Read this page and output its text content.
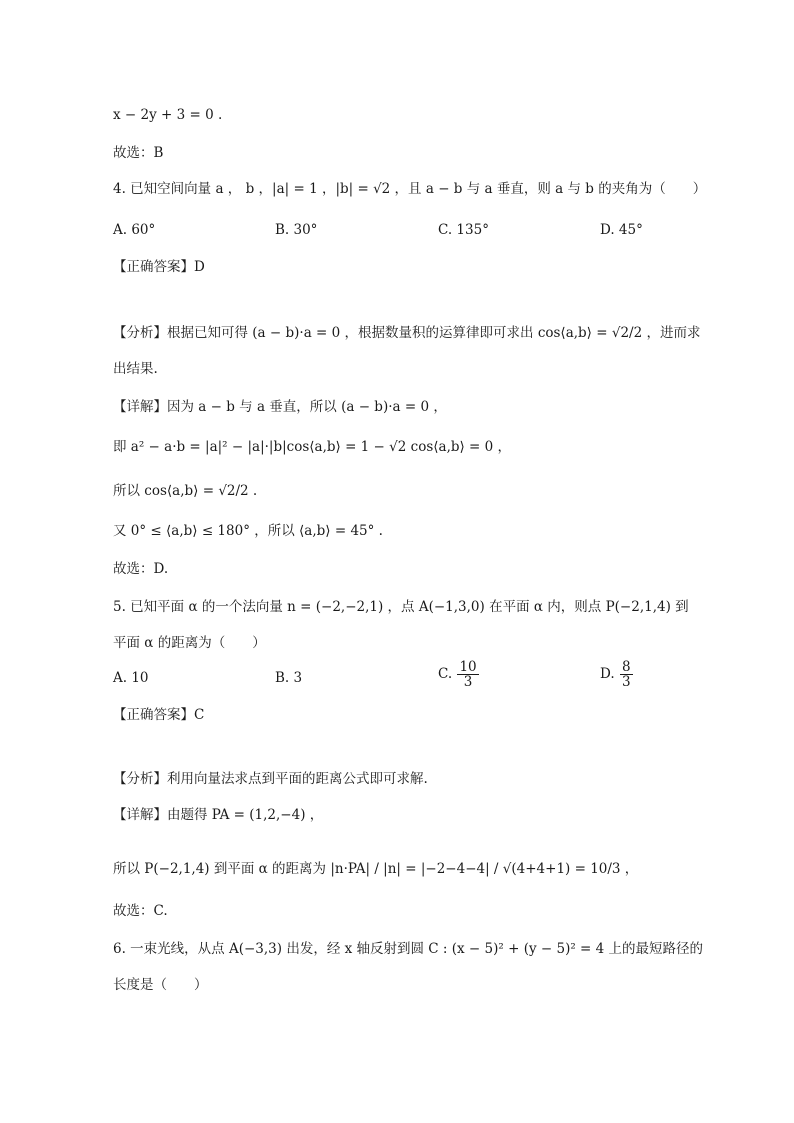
x − 2y + 3 = 0 .
故选：B
4. 已知空间向量 a ， b ，|a| = 1 ，|b| = √2 ，且 a − b 与 a 垂直，则 a 与 b 的夹角为（　　）
A. 60°	B. 30°	C. 135°	D. 45°
【正确答案】D
【分析】根据已知可得 (a − b)·a = 0 ，根据数量积的运算律即可求出 cos⟨a,b⟩ = √2/2 ，进而求
出结果.
【详解】因为 a − b 与 a 垂直，所以 (a − b)·a = 0 ，
即 a² − a·b = |a|² − |a|·|b|cos⟨a,b⟩ = 1 − √2 cos⟨a,b⟩ = 0 ，
所以 cos⟨a,b⟩ = √2/2 .
又 0° ≤ ⟨a,b⟩ ≤ 180° ，所以 ⟨a,b⟩ = 45° .
故选：D.
5. 已知平面 α 的一个法向量 n = (−2,−2,1) ，点 A(−1,3,0) 在平面 α 内，则点 P(−2,1,4) 到
平面 α 的距离为（　　）
A. 10	B. 3	C. $\frac{10}{3}$	D. $\frac{8}{3}$
【正确答案】C
【分析】利用向量法求点到平面的距离公式即可求解.
【详解】由题得 PA = (1,2,−4) ，
所以 P(−2,1,4) 到平面 α 的距离为 |n·PA| / |n| = |−2−4−4| / √(4+4+1) = 10/3 ，
故选：C.
6. 一束光线，从点 A(−3,3) 出发，经 x 轴反射到圆 C : (x − 5)² + (y − 5)² = 4 上的最短路径的
长度是（　　）
